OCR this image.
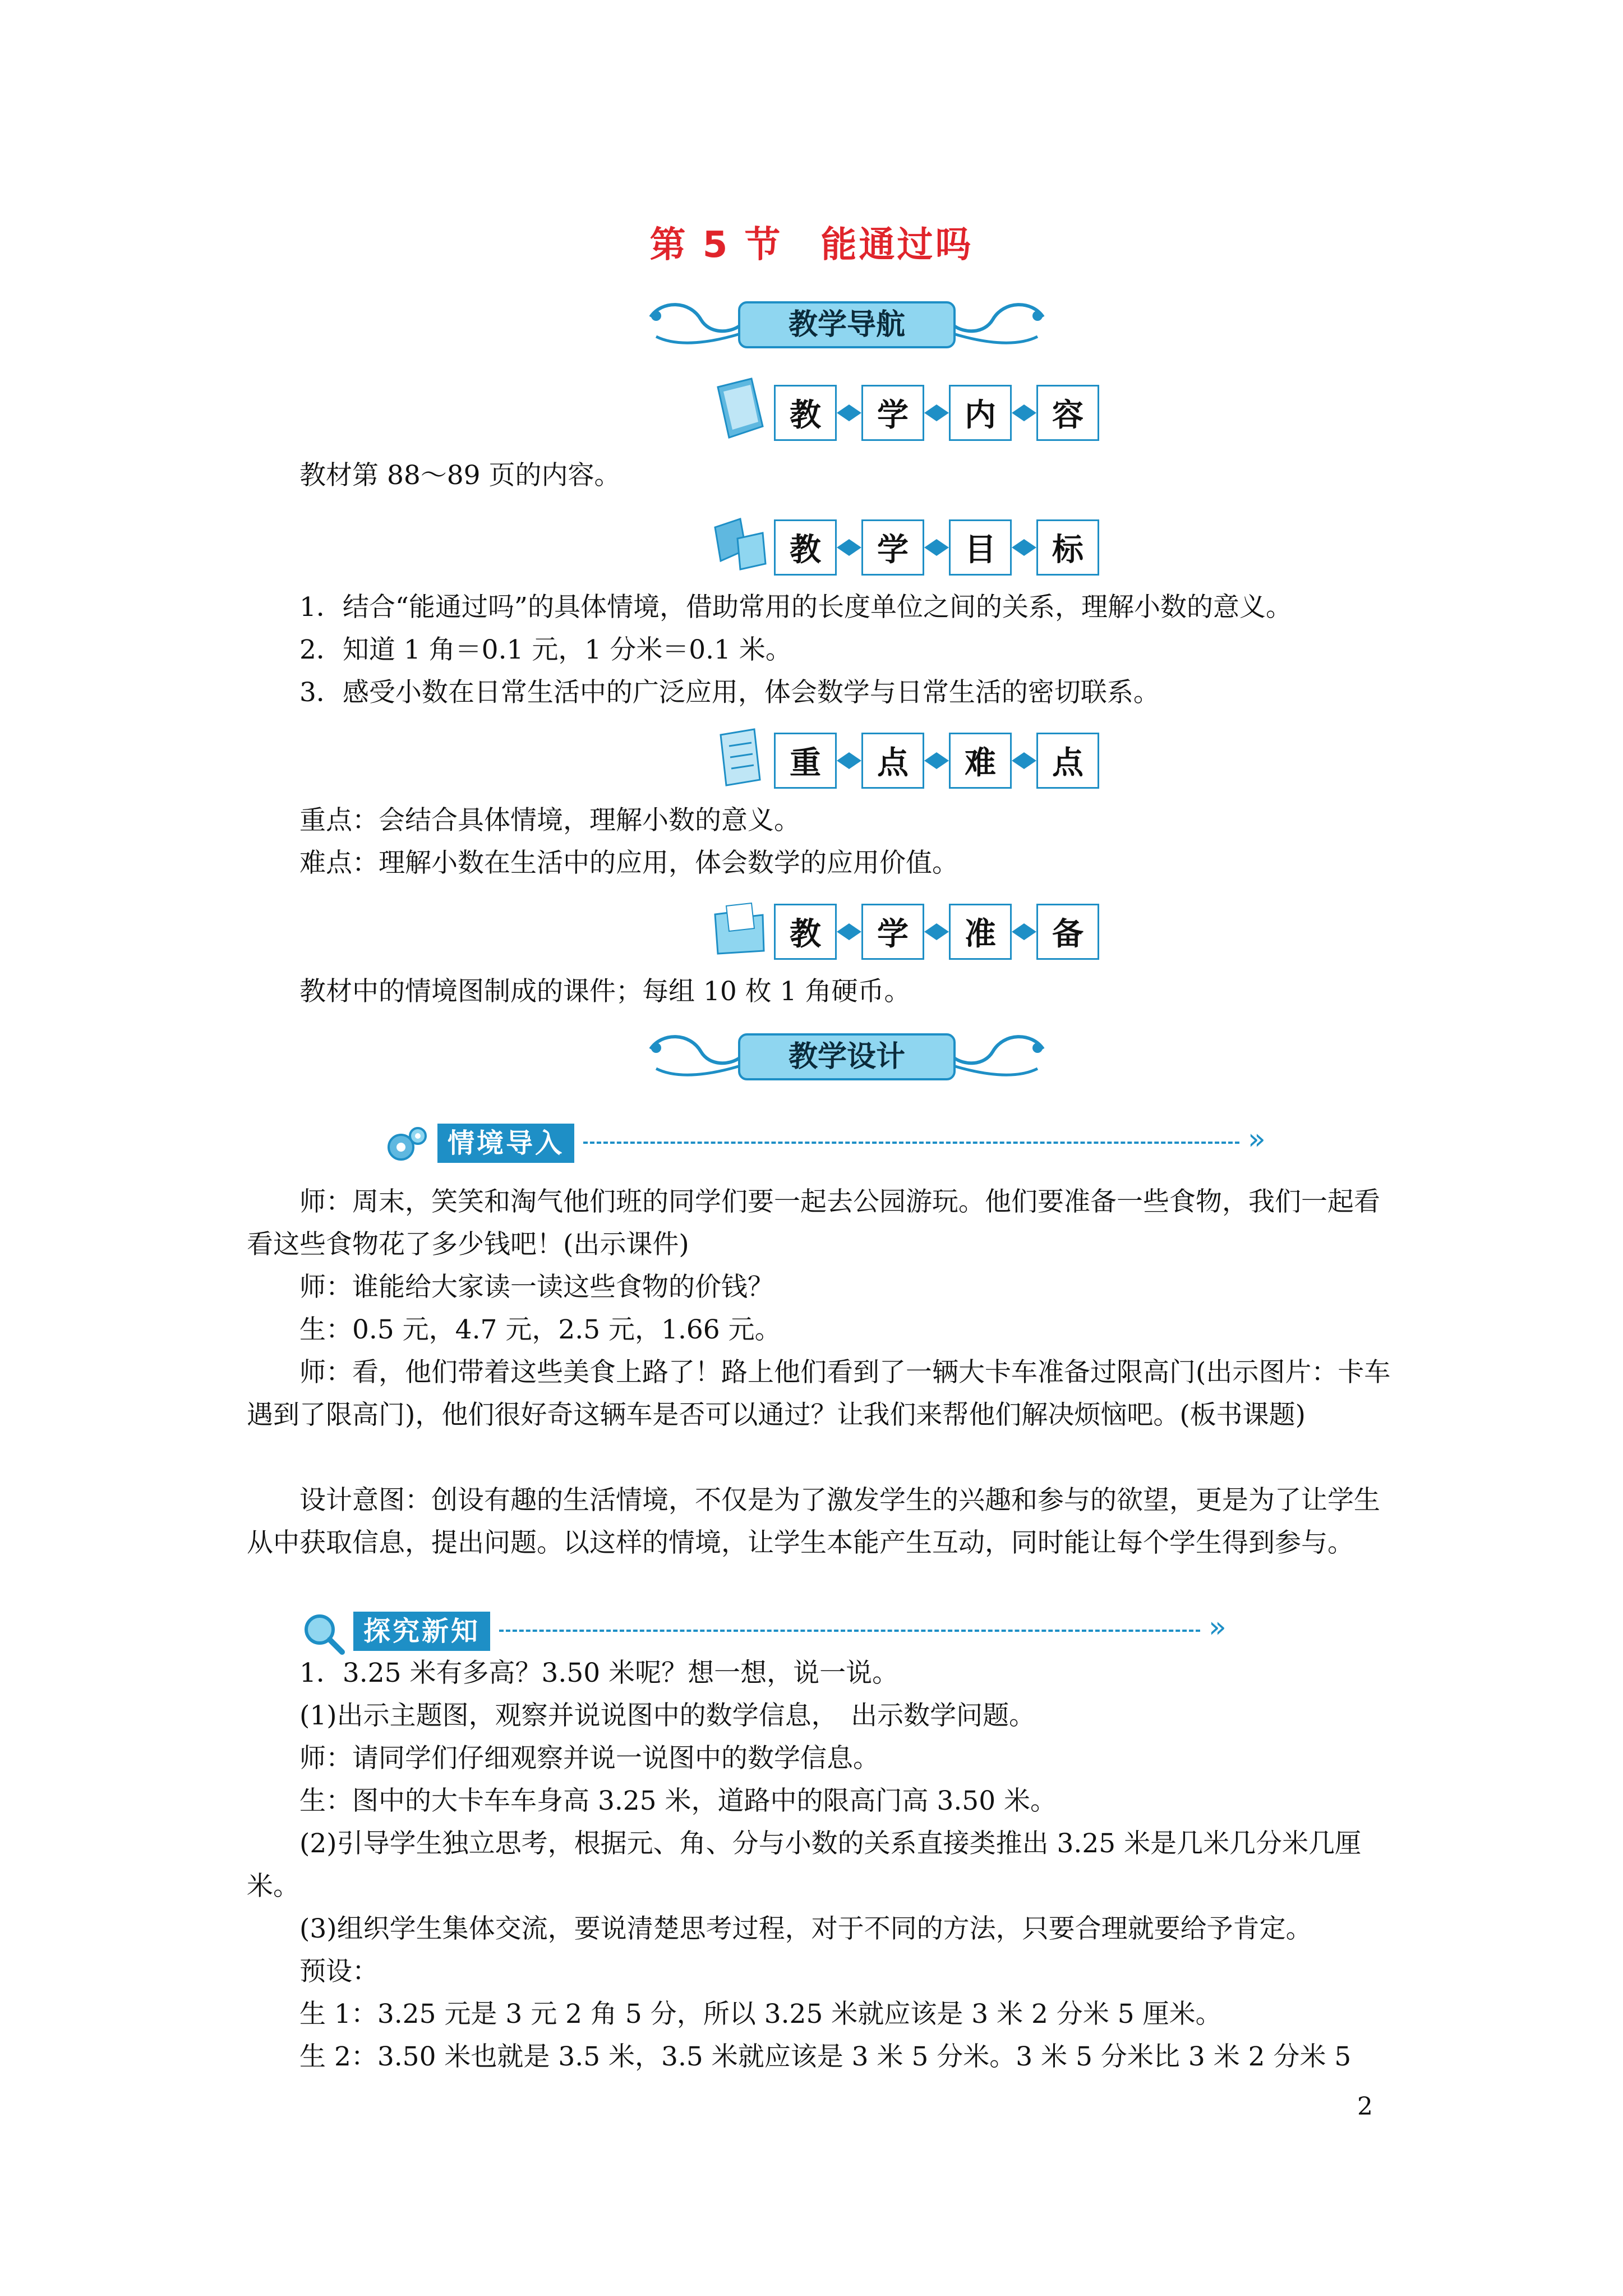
第 5 节　能通过吗
教学导航
教	学	内	容
教材第 88～89 页的内容。
教	学	目	标
1．结合“能通过吗”的具体情境，借助常用的长度单位之间的关系，理解小数的意义。
2．知道 1 角＝0.1 元，1 分米＝0.1 米。
3．感受小数在日常生活中的广泛应用，体会数学与日常生活的密切联系。
重	点	难	点
重点：会结合具体情境，理解小数的意义。
难点：理解小数在生活中的应用，体会数学的应用价值。
教	学	准	备
教材中的情境图制成的课件；每组 10 枚 1 角硬币。
教学设计
情境导入	»
师：周末，笑笑和淘气他们班的同学们要一起去公园游玩。他们要准备一些食物，我们一起看看这些食物花了多少钱吧！(出示课件)
师：谁能给大家读一读这些食物的价钱？
生：0.5 元，4.7 元，2.5 元，1.66 元。
师：看，他们带着这些美食上路了！路上他们看到了一辆大卡车准备过限高门(出示图片：卡车遇到了限高门)，他们很好奇这辆车是否可以通过？让我们来帮他们解决烦恼吧。(板书课题)
设计意图：创设有趣的生活情境，不仅是为了激发学生的兴趣和参与的欲望，更是为了让学生从中获取信息，提出问题。以这样的情境，让学生本能产生互动，同时能让每个学生得到参与。
探究新知	»
1．3.25 米有多高？3.50 米呢？想一想，说一说。
(1)出示主题图，观察并说说图中的数学信息，　出示数学问题。
师：请同学们仔细观察并说一说图中的数学信息。
生：图中的大卡车车身高 3.25 米，道路中的限高门高 3.50 米。
(2)引导学生独立思考，根据元、角、分与小数的关系直接类推出 3.25 米是几米几分米几厘米。
(3)组织学生集体交流，要说清楚思考过程，对于不同的方法，只要合理就要给予肯定。
预设：
生 1：3.25 元是 3 元 2 角 5 分，所以 3.25 米就应该是 3 米 2 分米 5 厘米。
生 2：3.50 米也就是 3.5 米，3.5 米就应该是 3 米 5 分米。3 米 5 分米比 3 米 2 分米 5
2
